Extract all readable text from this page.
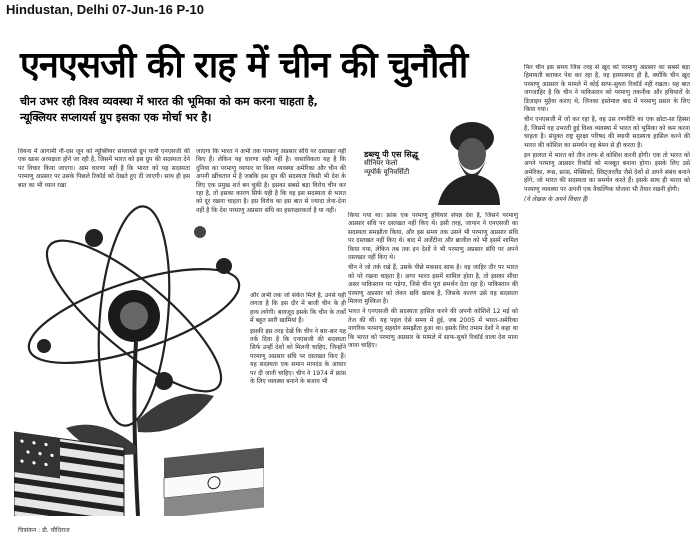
Hindustan, Delhi 07-Jun-16 P-10
एनएसजी की राह में चीन की चुनौती
चीन उभर रही विश्व व्यवस्था में भारत की भूमिका को कम करना चाहता है,
न्यूक्लियर सप्लायर्स ग्रुप इसका एक मोर्चा भर है।
डब्ल्यू पी एस सिद्धू
सीनियर फेलो
न्यूयॉर्क यूनिवर्सिटी

वियना में आगामी नौ-दस जून को न्यूक्लियर सप्लायर्स ग्रुप यानी एनएसजी की एक खास अध्यक्षता होने जा रही है, जिसमें भारत को इस ग्रुप की सदस्यता देने पर विचार किया जाएगा। आम धारणा यही है कि भारत को यह सदस्यता परमाणु अप्रसार पर उसके पिछले रिकॉर्ड को देखते हुए दी जाएगी। साथ ही इस बात का भी ध्यान रखा

जाएगा कि भारत ने अभी तक परमाणु अप्रसार संधि पर दस्तखत नहीं किए हैं। लेकिन यह धारणा सही नहीं है। वास्तविकता यह है कि दुनिया का परमाणु व्यापार या विश्व व्यवस्था अमेरिका और चीन की अपनी खींचतान में है जबकि इस ग्रुप की सदस्यता किसी भी देश के लिए एक प्रमुख शर्त बन चुकी है। इसका सबसे बड़ा विरोध चीन कर रहा है, तो इसका कारण सिर्फ यही है कि वह इस सदस्यता से भारत को दूर रखना चाहता है। इस विरोध का इस बात से ज्यादा लेना-देना नहीं है कि देश परमाणु अप्रसार संधि का हस्ताक्षरकर्ता है या नहीं।

और अभी तक जो संकेत मिले हैं, उनसे यही लगता है कि इस दौर में बाजी चीन के ही हाथ लगेगी। बावजूद इसके कि चीन के तर्कों में बहुत सारी खामियां हैं।

इसकी इस तरह देखें कि चीन ने बार-बार यह तर्क दिया है कि एनएसजी की सदस्यता सिर्फ उन्हीं देशों को मिलनी चाहिए, जिन्होंने परमाणु अप्रसार संधि पर दस्तखत किए हैं। यह सदस्यता एक समान मानदंड के आधार पर दी जानी चाहिए। चीन ने 1974 में फ्रांस के लिए व्यवस्था बनाने के बजाय भी

किया गया था। फ्रांस एक परमाणु हथियार संपन्न देश है, जिसने परमाणु अप्रसार संधि पर दस्तखत नहीं किए थे। इसी तरह, जापान ने एनएसजी का सदस्यता समझौता किया, और इस समय तक उसने भी परमाणु अप्रसार संधि पर दस्तखत नहीं किए थे। बाद में अर्जेंटीना और ब्राजील को भी इसमें शामिल किया गया, लेकिन तब तक इन देशों ने भी परमाणु अप्रसार संधि पर अपने दस्तखत नहीं किए थे।

चीन ने जो तर्क रखे हैं, उसके पीछे मकसद साफ है। वह जाहिर तौर पर भारत को परे रखना चाहता है। अगर भारत इसमें शामिल होता है, तो इसका सीधा असर पाकिस्तान पर पड़ेगा, जिसे चीन पूरा समर्थन देता रहा है। पाकिस्तान की परमाणु अप्रसार को लेकर छवि खराब है, जिसके कारण उसे यह सदस्यता मिलना मुश्किल है।

भारत ने एनएसजी की सदस्यता हासिल करने की अपनी कोशिशें 12 मई को तेज की थीं। यह पहल ऐसे समय में हुई, जब 2005 में भारत-अमेरिका नागरिक परमाणु सहयोग समझौता हुआ था। इसके लिए तमाम देशों ने कहा था कि भारत को परमाणु अप्रसार के मामले में साफ-सुथरे रिकॉर्ड वाला देश माना जाना चाहिए।

फिर चीन इस समय जिस तरह से खुद को परमाणु अप्रसार का सबसे बड़ा हिमायती बताकर पेश कर रहा है, वह हास्यास्पद ही है, क्योंकि चीन खुद परमाणु अप्रसार के मामले में कोई साफ-सुथरा रिकॉर्ड नहीं रखता। यह बात जगजाहिर है कि चीन ने पाकिस्तान को परमाणु तकनीक और हथियारों के डिजाइन मुहैया कराए थे, जिनका इस्तेमाल बाद में परमाणु प्रसार के लिए किया गया।

चीन एनएसजी में जो कर रहा है, वह उस रणनीति का एक छोटा-सा हिस्सा है, जिसमें वह उभरती हुई विश्व व्यवस्था में भारत को भूमिका को कम करना चाहता है। संयुक्त राष्ट्र सुरक्षा परिषद की स्थायी सदस्यता हासिल करने की भारत की कोशिश का समर्थन वह बेमन से ही करता है।

इन हालात में भारत को तीन तरफ से कोशिश करनी होगी। एक तो भारत को अपने परमाणु अप्रसार रिकॉर्ड को मजबूत बनाना होगा। इसके लिए उसे अमेरिका, रूस, फ्रांस, मेक्सिको, स्विट्जरलैंड जैसे देशों से अपने संबंध बनाने होंगे, जो भारत की सदस्यता का समर्थन करते हैं। इसके साथ ही भारत को परमाणु व्यवस्था पर अपनी एक वैकल्पिक योजना भी तैयार रखनी होगी।

(ये लेखक के अपने विचार हैं)

चित्रांकन : डी. चौधिराज
